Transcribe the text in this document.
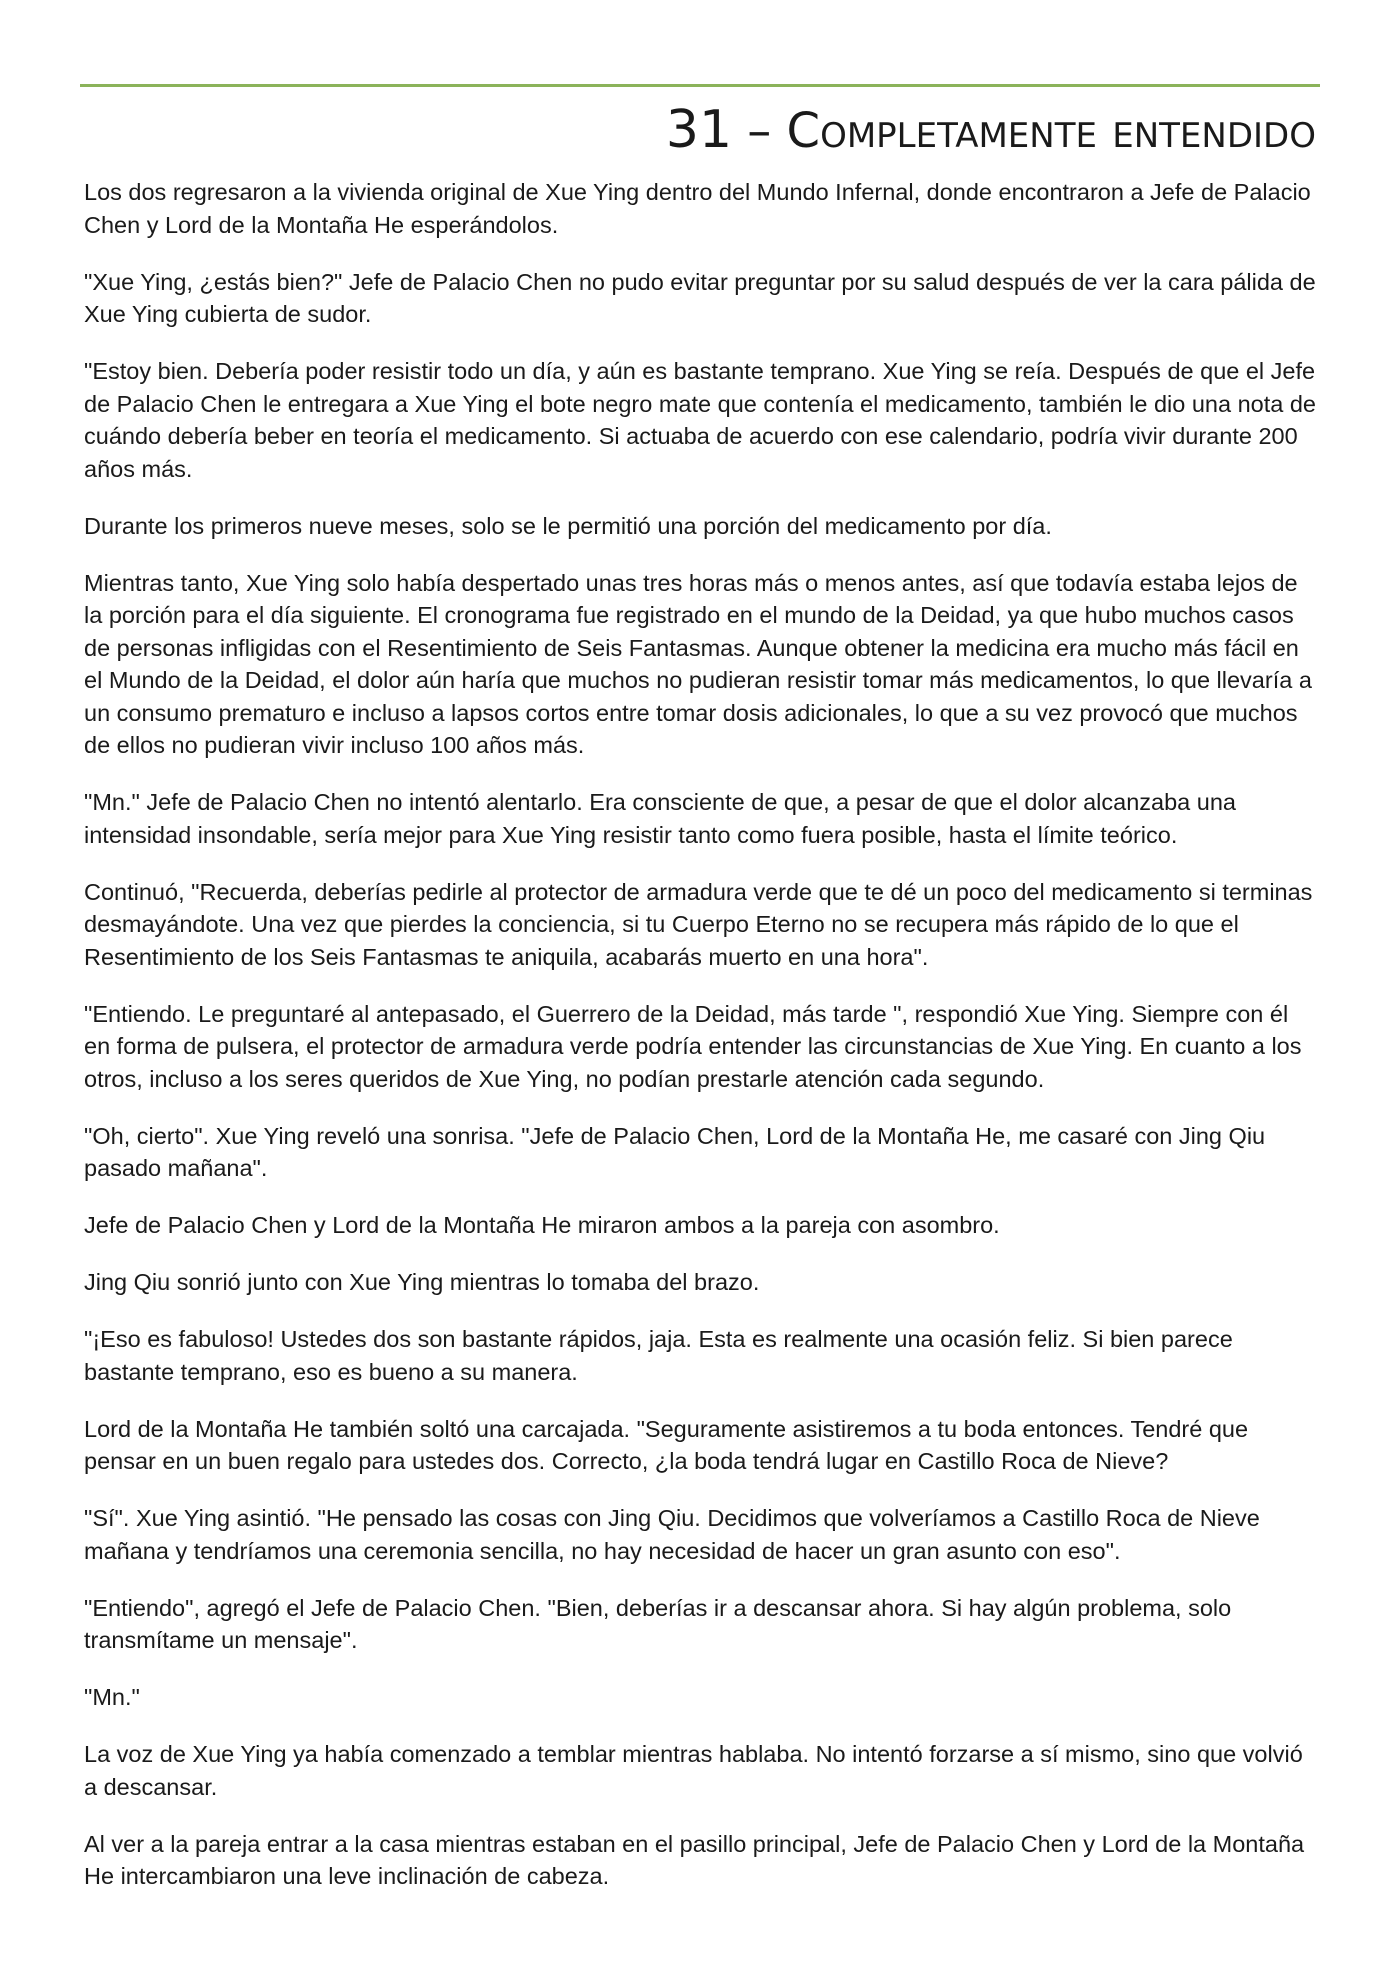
31 – Completamente entendido

Los dos regresaron a la vivienda original de Xue Ying dentro del Mundo Infernal, donde encontraron a Jefe de Palacio Chen y Lord de la Montaña He esperándolos.

"Xue Ying, ¿estás bien?" Jefe de Palacio Chen no pudo evitar preguntar por su salud después de ver la cara pálida de Xue Ying cubierta de sudor.

"Estoy bien. Debería poder resistir todo un día, y aún es bastante temprano. Xue Ying se reía. Después de que el Jefe de Palacio Chen le entregara a Xue Ying el bote negro mate que contenía el medicamento, también le dio una nota de cuándo debería beber en teoría el medicamento. Si actuaba de acuerdo con ese calendario, podría vivir durante 200 años más.

Durante los primeros nueve meses, solo se le permitió una porción del medicamento por día.

Mientras tanto, Xue Ying solo había despertado unas tres horas más o menos antes, así que todavía estaba lejos de la porción para el día siguiente. El cronograma fue registrado en el mundo de la Deidad, ya que hubo muchos casos de personas infligidas con el Resentimiento de Seis Fantasmas. Aunque obtener la medicina era mucho más fácil en el Mundo de la Deidad, el dolor aún haría que muchos no pudieran resistir tomar más medicamentos, lo que llevaría a un consumo prematuro e incluso a lapsos cortos entre tomar dosis adicionales, lo que a su vez provocó que muchos de ellos no pudieran vivir incluso 100 años más.

"Mn." Jefe de Palacio Chen no intentó alentarlo. Era consciente de que, a pesar de que el dolor alcanzaba una intensidad insondable, sería mejor para Xue Ying resistir tanto como fuera posible, hasta el límite teórico.

Continuó, "Recuerda, deberías pedirle al protector de armadura verde que te dé un poco del medicamento si terminas desmayándote. Una vez que pierdes la conciencia, si tu Cuerpo Eterno no se recupera más rápido de lo que el Resentimiento de los Seis Fantasmas te aniquila, acabarás muerto en una hora".

"Entiendo. Le preguntaré al antepasado, el Guerrero de la Deidad, más tarde ", respondió Xue Ying. Siempre con él en forma de pulsera, el protector de armadura verde podría entender las circunstancias de Xue Ying. En cuanto a los otros, incluso a los seres queridos de Xue Ying, no podían prestarle atención cada segundo.

"Oh, cierto". Xue Ying reveló una sonrisa. "Jefe de Palacio Chen, Lord de la Montaña He, me casaré con Jing Qiu pasado mañana".

Jefe de Palacio Chen y Lord de la Montaña He miraron ambos a la pareja con asombro.

Jing Qiu sonrió junto con Xue Ying mientras lo tomaba del brazo.

"¡Eso es fabuloso! Ustedes dos son bastante rápidos, jaja. Esta es realmente una ocasión feliz. Si bien parece bastante temprano, eso es bueno a su manera.

Lord de la Montaña He también soltó una carcajada. "Seguramente asistiremos a tu boda entonces. Tendré que pensar en un buen regalo para ustedes dos. Correcto, ¿la boda tendrá lugar en Castillo Roca de Nieve?

"Sí". Xue Ying asintió. "He pensado las cosas con Jing Qiu. Decidimos que volveríamos a Castillo Roca de Nieve mañana y tendríamos una ceremonia sencilla, no hay necesidad de hacer un gran asunto con eso".

"Entiendo", agregó el Jefe de Palacio Chen. "Bien, deberías ir a descansar ahora. Si hay algún problema, solo transmítame un mensaje".

"Mn."

La voz de Xue Ying ya había comenzado a temblar mientras hablaba. No intentó forzarse a sí mismo, sino que volvió a descansar.

Al ver a la pareja entrar a la casa mientras estaban en el pasillo principal, Jefe de Palacio Chen y Lord de la Montaña He intercambiaron una leve inclinación de cabeza.
